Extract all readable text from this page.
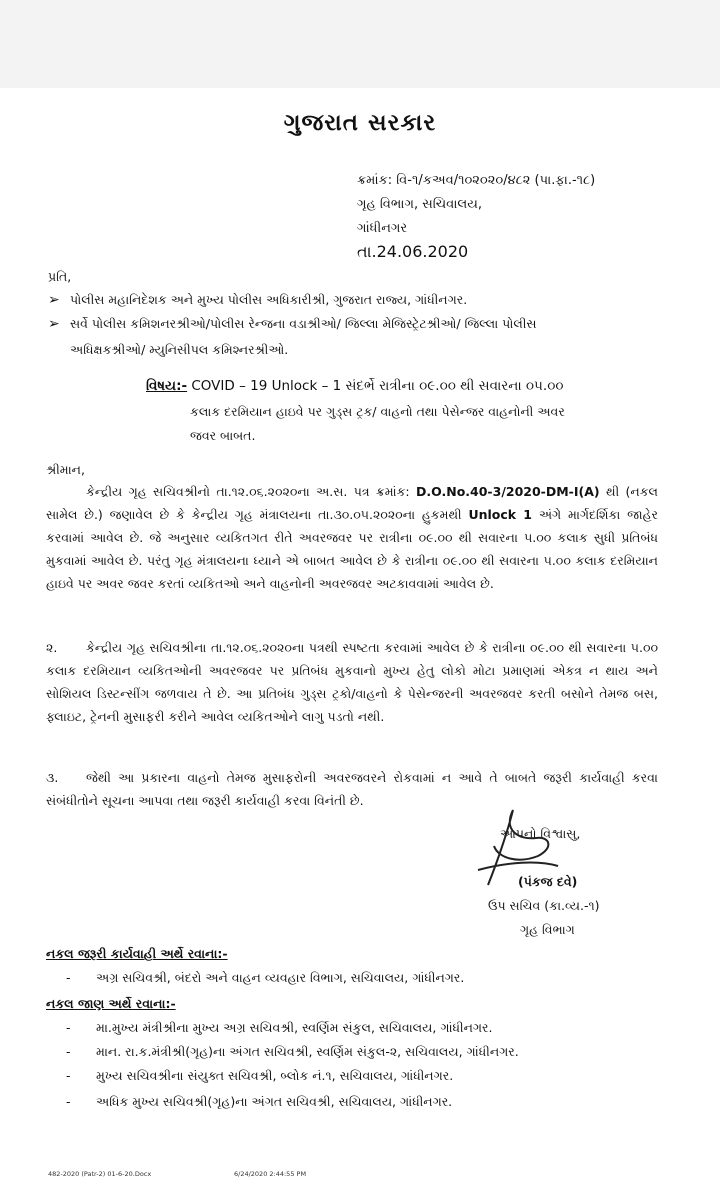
ગુજરાત સરકાર
ક્રમાંક: વિ-૧/કઅવ/૧૦૨૦૨૦/૪૮૨ (પા.ફા.-૧૮)
ગૃહ વિભાગ, સચિવાલય,
ગાંધીનગર
તા.24.06.2020
પ્રતિ,
➢ પોલીસ મહાનિદેશક અને મુખ્ય પોલીસ અધિકારીશ્રી, ગુજરાત રાજ્ય, ગાંધીનગર.
➢ સર્વે પોલીસ કમિશનરશ્રીઓ/પોલીસ રેન્જના વડાશ્રીઓ/ જિલ્લા મેજિસ્ટ્રેટશ્રીઓ/ જિલ્લા પોલીસ
અધિક્ષકશ્રીઓ/ મ્યુનિસીપલ કમિશ્નરશ્રીઓ.
વિષય:- COVID – 19 Unlock – 1 સંદર્ભે રાત્રીના ૦૯.૦૦ થી સવારના ૦૫.૦૦
કલાક દરમિયાન હાઇવે પર ગુડ્સ ટ્રક/ વાહનો તથા પેસેન્જર વાહનોની અવર
જવર બાબત.
શ્રીમાન,
કેન્દ્રીય ગૃહ સચિવશ્રીનો તા.૧૨.૦૬.૨૦૨૦ના અ.સ. પત્ર ક્રમાંક: D.O.No.40-3/2020-DM-I(A) થી (નકલ સામેલ છે.) જણાવેલ છે કે કેન્દ્રીય ગૃહ મંત્રાલયના તા.૩૦.૦૫.૨૦૨૦ના હુકમથી Unlock 1 અંગે માર્ગદર્શિકા જાહેર કરવામાં આવેલ છે. જે અનુસાર વ્યકિતગત રીતે અવરજવર પર રાત્રીના ૦૯.૦૦ થી સવારના ૫.૦૦ કલાક સુધી પ્રતિબંધ મુકવામાં આવેલ છે. પરંતુ ગૃહ મંત્રાલયના ધ્યાને એ બાબત આવેલ છે કે રાત્રીના ૦૯.૦૦ થી સવારના ૫.૦૦ કલાક દરમિયાન હાઇવે પર અવર જવર કરતાં વ્યકિતઓ અને વાહનોની અવરજવર અટકાવવામાં આવેલ છે.
૨. કેન્દ્રીય ગૃહ સચિવશ્રીના તા.૧૨.૦૬.૨૦૨૦ના પત્રથી સ્પષ્ટતા કરવામાં આવેલ છે કે રાત્રીના ૦૯.૦૦ થી સવારના ૫.૦૦ કલાક દરમિયાન વ્યકિતઓની અવરજવર પર પ્રતિબંધ મુકવાનો મુખ્ય હેતુ લોકો મોટા પ્રમાણમાં એકત્ર ન થાય અને સોશિયલ ડિસ્ટન્સીંગ જળવાય તે છે. આ પ્રતિબંધ ગુડ્સ ટ્રકો/વાહનો કે પેસેન્જરની અવરજવર કરતી બસોને તેમજ બસ, ફ્લાઇટ, ટ્રેનની મુસાફરી કરીને આવેલ વ્યકિતઓને લાગુ પડતો નથી.
૩. જેથી આ પ્રકારના વાહનો તેમજ મુસાફરોની અવરજવરને રોકવામાં ન આવે તે બાબતે જરૂરી કાર્યવાહી કરવા સંબંધીતોને સૂચના આપવા તથા જરૂરી કાર્યવાહી કરવા વિનંતી છે.
આપનો વિશ્વાસુ,
(પંકજ દવે)
ઉપ સચિવ (કા.વ્ય.-૧)
ગૃહ વિભાગ
નકલ જરૂરી કાર્યવાહી અર્થે રવાના:-
- અગ્ર સચિવશ્રી, બંદરો અને વાહન વ્યવહાર વિભાગ, સચિવાલય, ગાંધીનગર.
નકલ જાણ અર્થે રવાના:-
- મા.મુખ્ય મંત્રીશ્રીના મુખ્ય અગ્ર સચિવશ્રી, સ્વર્ણિમ સંકુલ, સચિવાલય, ગાંધીનગર.
- માન. રા.ક.મંત્રીશ્રી(ગૃહ)ના અંગત સચિવશ્રી, સ્વર્ણિમ સંકુલ-૨, સચિવાલય, ગાંધીનગર.
- મુખ્ય સચિવશ્રીના સંયુક્ત સચિવશ્રી, બ્લોક નં.૧, સચિવાલય, ગાંધીનગર.
- અધિક મુખ્ય સચિવશ્રી(ગૃહ)ના અંગત સચિવશ્રી, સચિવાલય, ગાંધીનગર.
482-2020 (Patr-2) 01-6-20.Docx	6/24/2020 2:44:55 PM
